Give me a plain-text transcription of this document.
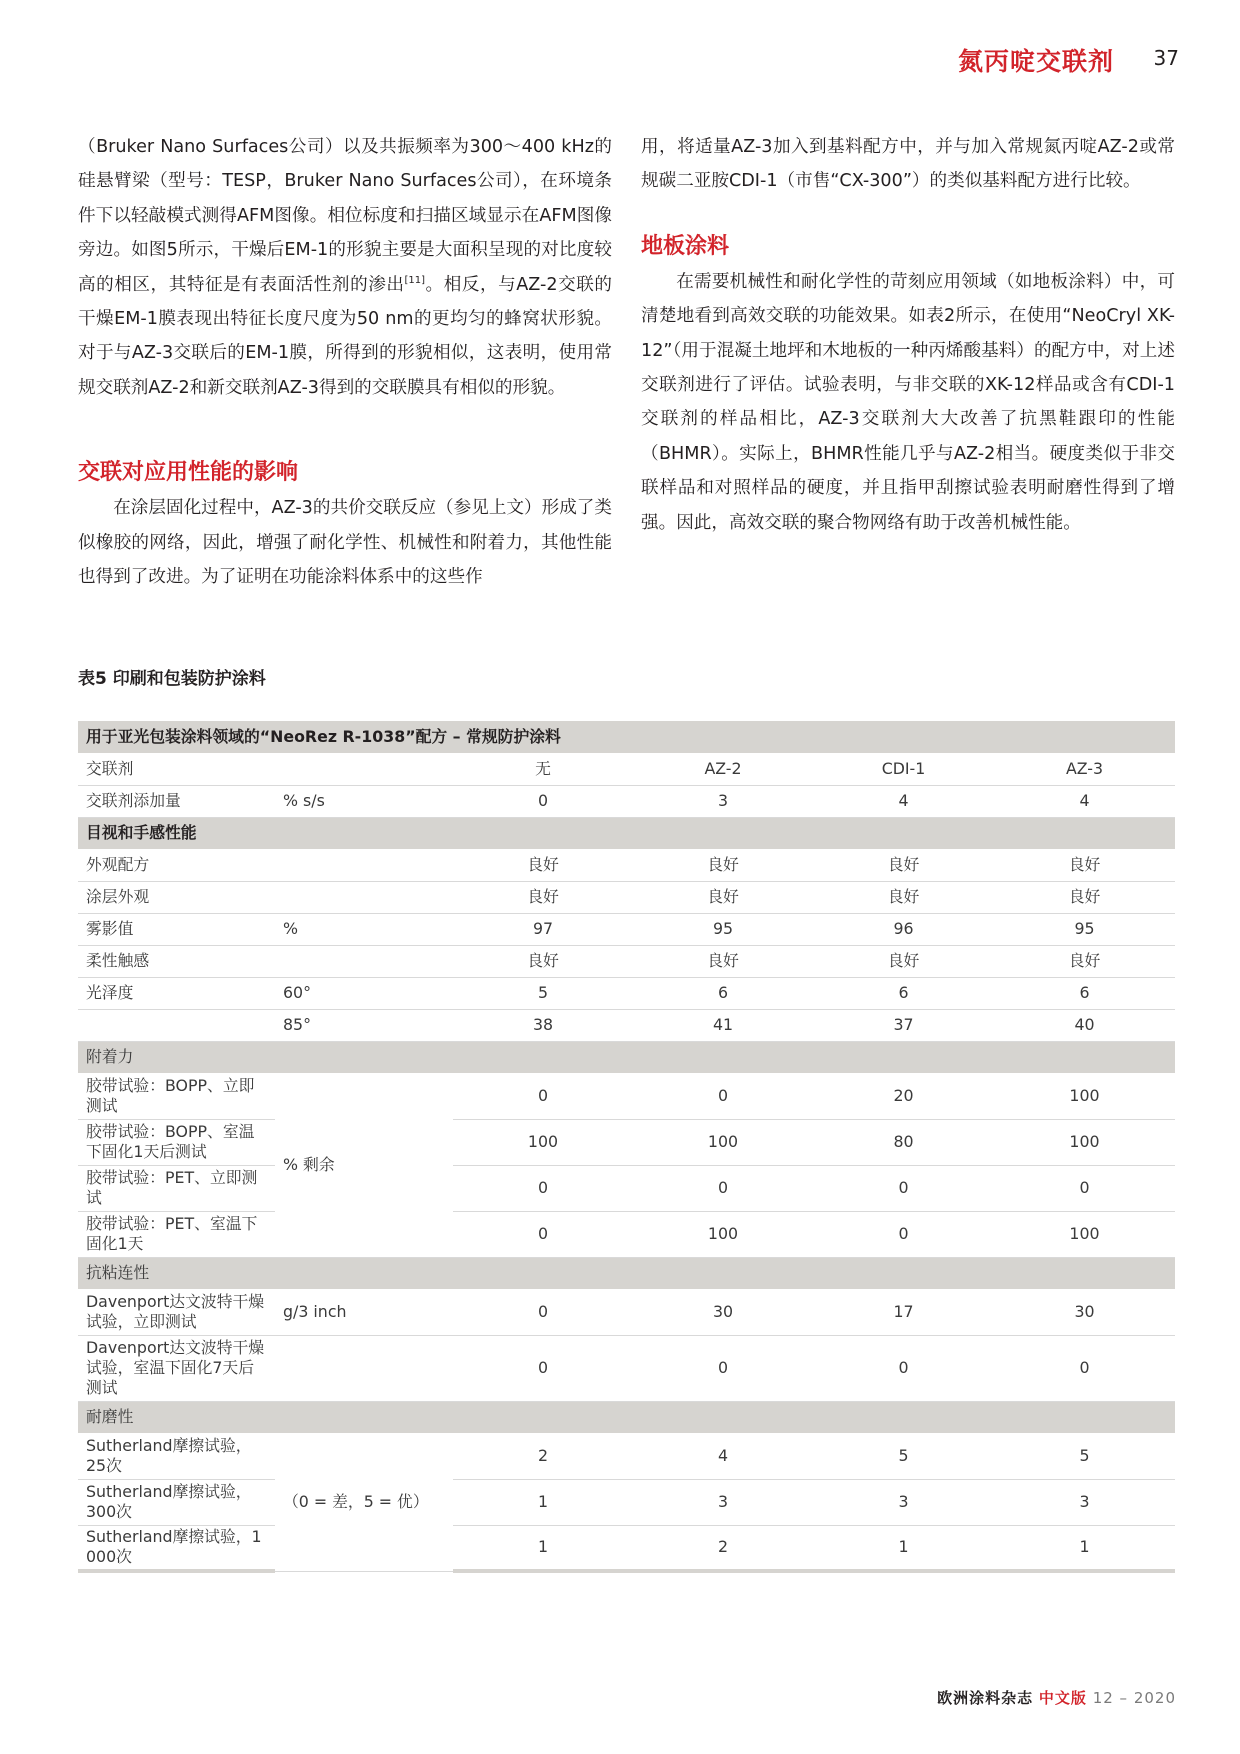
氮丙啶交联剂 37

（Bruker Nano Surfaces公司）以及共振频率为300～400 kHz的硅悬臂梁（型号：TESP，Bruker Nano Surfaces公司），在环境条件下以轻敲模式测得AFM图像。相位标度和扫描区域显示在AFM图像旁边。如图5所示，干燥后EM-1的形貌主要是大面积呈现的对比度较高的相区，其特征是有表面活性剂的渗出[11]。相反，与AZ-2交联的干燥EM-1膜表现出特征长度尺度为50 nm的更均匀的蜂窝状形貌。对于与AZ-3交联后的EM-1膜，所得到的形貌相似，这表明，使用常规交联剂AZ-2和新交联剂AZ-3得到的交联膜具有相似的形貌。

交联对应用性能的影响

在涂层固化过程中，AZ-3的共价交联反应（参见上文）形成了类似橡胶的网络，因此，增强了耐化学性、机械性和附着力，其他性能也得到了改进。为了证明在功能涂料体系中的这些作

用，将适量AZ-3加入到基料配方中，并与加入常规氮丙啶AZ-2或常规碳二亚胺CDI-1（市售“CX-300”）的类似基料配方进行比较。

地板涂料

在需要机械性和耐化学性的苛刻应用领域（如地板涂料）中，可清楚地看到高效交联的功能效果。如表2所示，在使用“NeoCryl XK-12”（用于混凝土地坪和木地板的一种丙烯酸基料）的配方中，对上述交联剂进行了评估。试验表明，与非交联的XK-12样品或含有CDI-1交联剂的样品相比，AZ-3交联剂大大改善了抗黑鞋跟印的性能（BHMR）。实际上，BHMR性能几乎与AZ-2相当。硬度类似于非交联样品和对照样品的硬度，并且指甲刮擦试验表明耐磨性得到了增强。因此，高效交联的聚合物网络有助于改善机械性能。

表5 印刷和包装防护涂料
用于亚光包装涂料领域的“NeoRez R-1038”配方 – 常规防护涂料					
交联剂		无	AZ-2	CDI-1	AZ-3
交联剂添加量	% s/s	0	3	4	4
目视和手感性能					
外观配方		良好	良好	良好	良好
涂层外观		良好	良好	良好	良好
雾影值	%	97	95	96	95
柔性触感		良好	良好	良好	良好
光泽度	60°	5	6	6	6
	85°	38	41	37	40
附着力					
胶带试验：BOPP、立即测试	% 剩余	0	0	20	100
胶带试验：BOPP、室温下固化1天后测试		100	100	80	100
胶带试验：PET、立即测试		0	0	0	0
胶带试验：PET、室温下固化1天		0	100	0	100
抗粘连性					
Davenport达文波特干燥试验，立即测试	g/3 inch	0	30	17	30
Davenport达文波特干燥试验，室温下固化7天后测试		0	0	0	0
耐磨性					
Sutherland摩擦试验，25次	（0 = 差，5 = 优）	2	4	5	5
Sutherland摩擦试验，300次		1	3	3	3
Sutherland摩擦试验，1 000次		1	2	1	1
欧洲涂料杂志 中文版 12 – 2020
